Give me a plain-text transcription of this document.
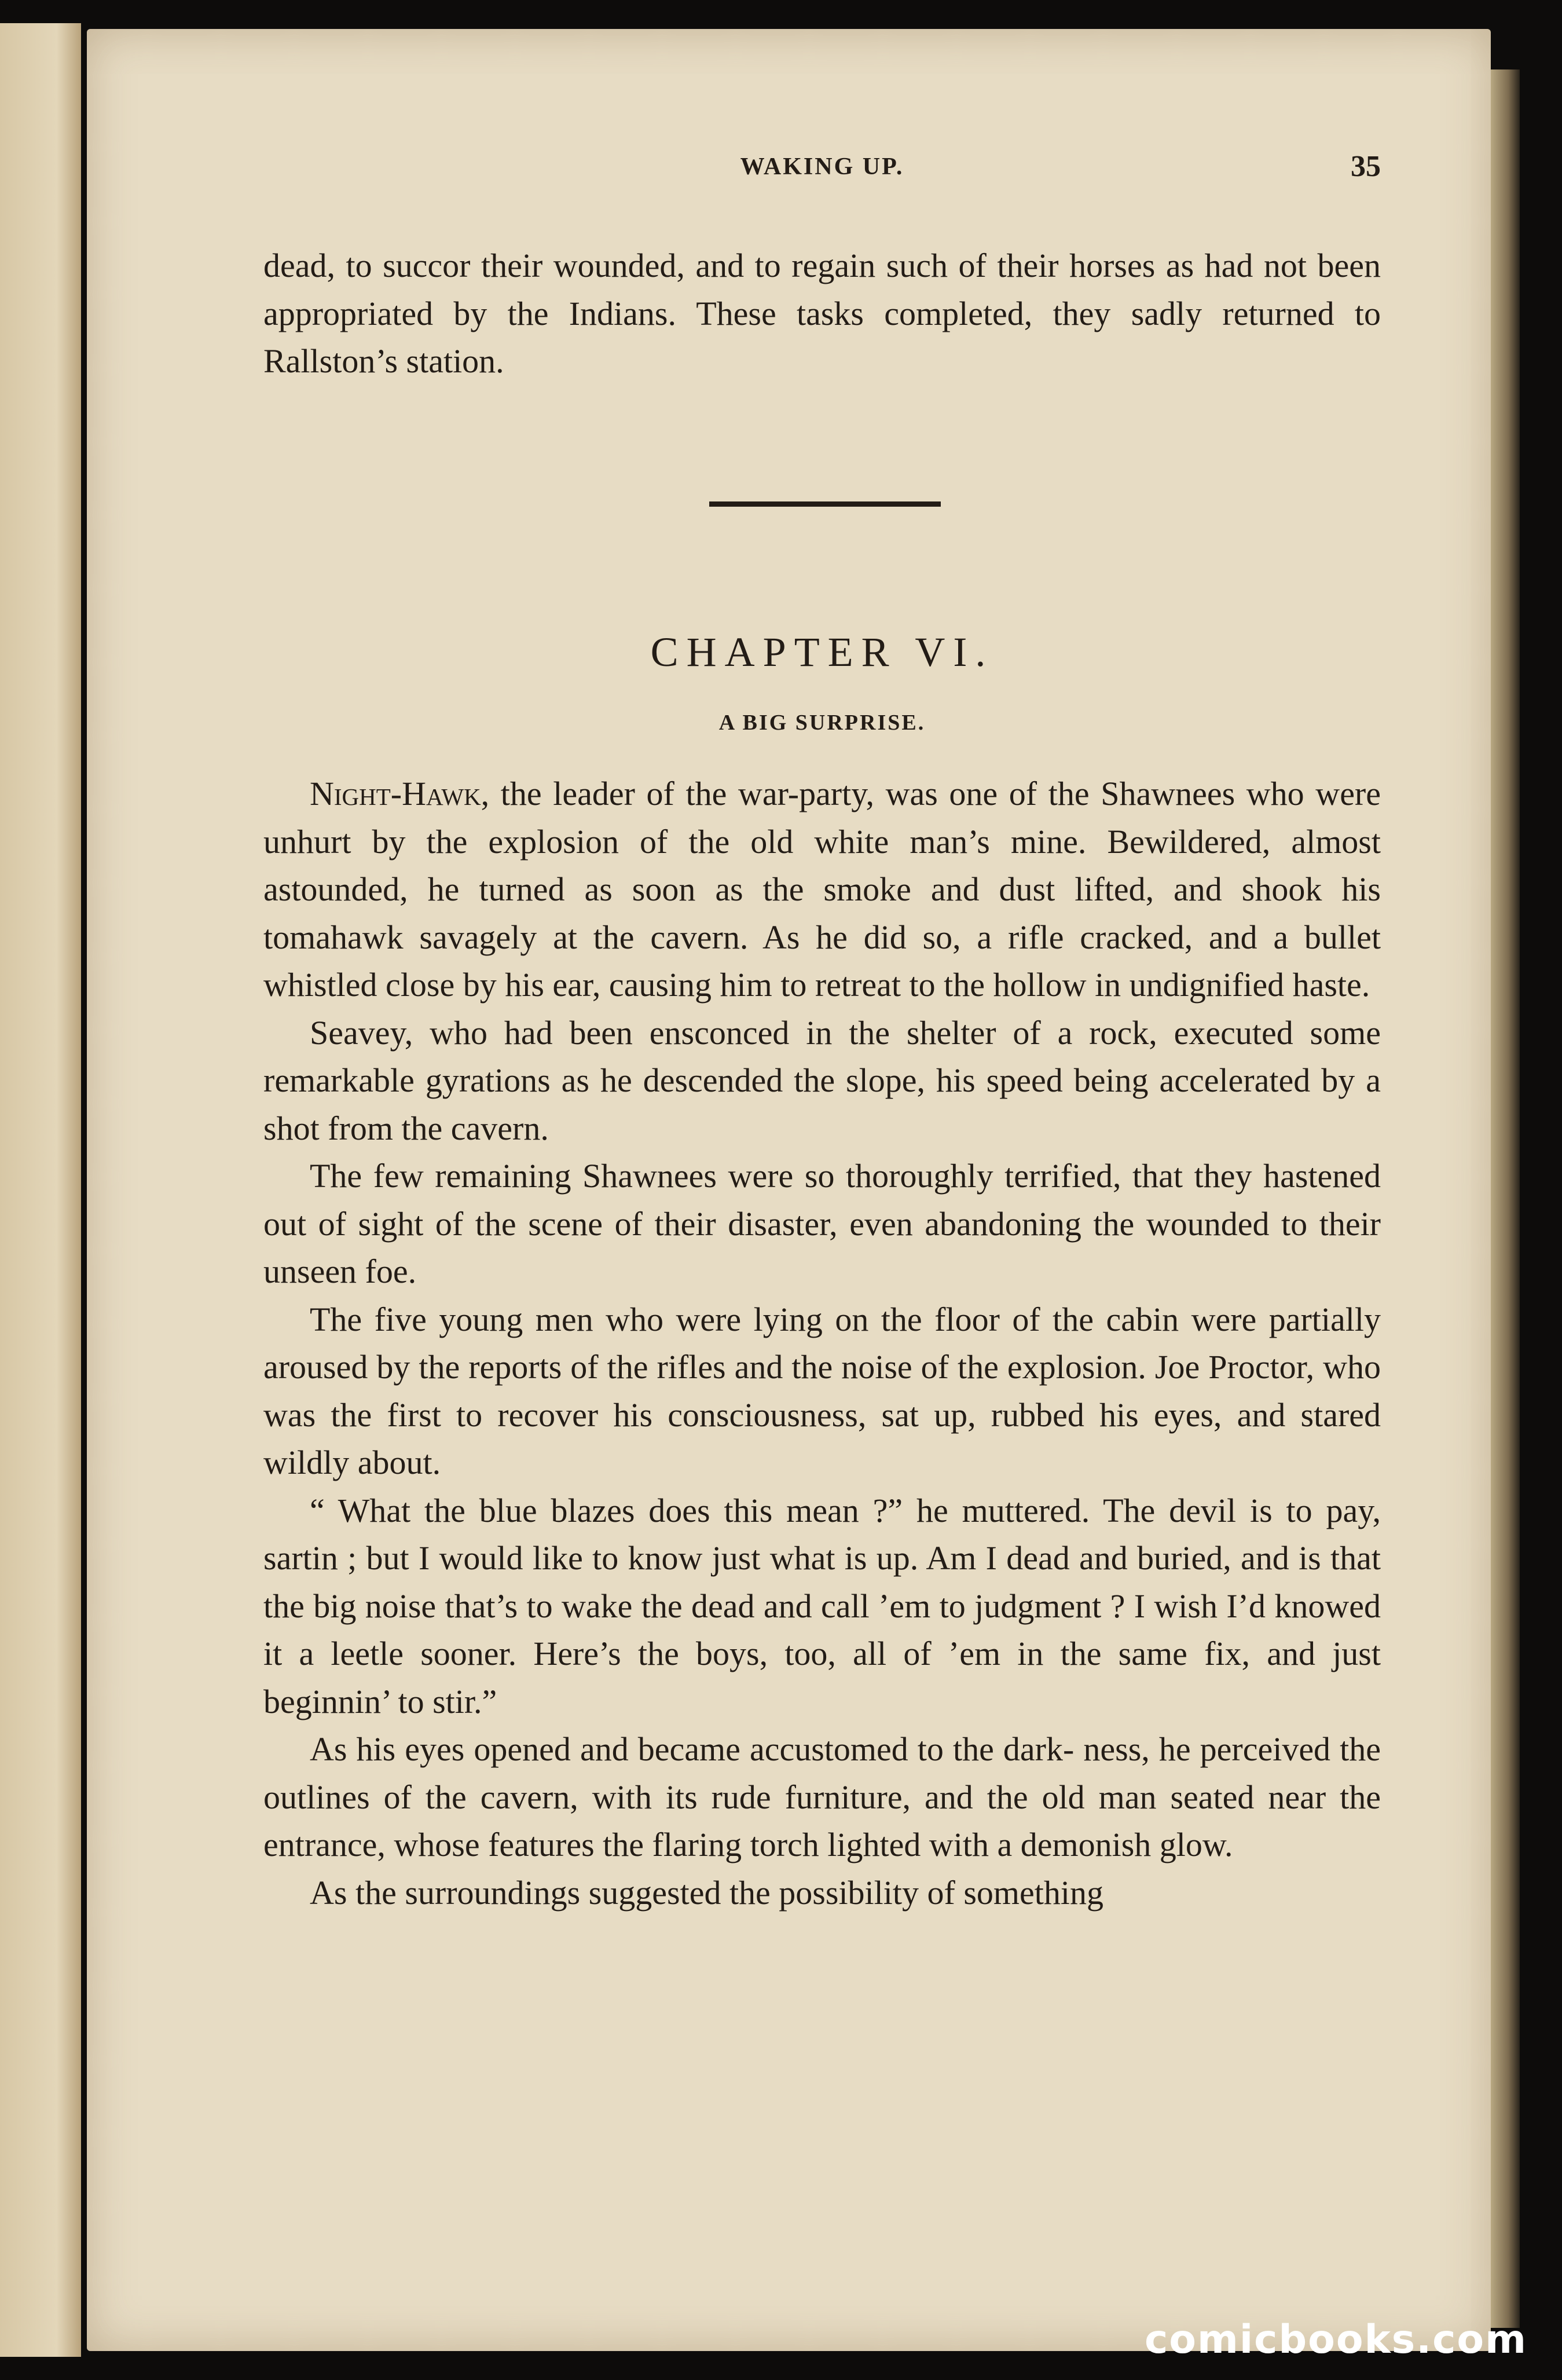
WAKING UP.	35

dead, to succor their wounded, and to regain such of their horses as had not been appropriated by the Indians. These tasks completed, they sadly returned to Rallston’s station.

CHAPTER VI.
A BIG SURPRISE.

Night-Hawk, the leader of the war-party, was one of the Shawnees who were unhurt by the explosion of the old white man’s mine. Bewildered, almost astounded, he turned as soon as the smoke and dust lifted, and shook his tomahawk savagely at the cavern. As he did so, a rifle cracked, and a bullet whistled close by his ear, causing him to retreat to the hollow in undignified haste.

Seavey, who had been ensconced in the shelter of a rock, executed some remarkable gyrations as he descended the slope, his speed being accelerated by a shot from the cavern.

The few remaining Shawnees were so thoroughly terrified, that they hastened out of sight of the scene of their disaster, even abandoning the wounded to their unseen foe.

The five young men who were lying on the floor of the cabin were partially aroused by the reports of the rifles and the noise of the explosion. Joe Proctor, who was the first to recover his consciousness, sat up, rubbed his eyes, and stared wildly about.

“ What the blue blazes does this mean ?” he muttered. The devil is to pay, sartin ; but I would like to know just what is up. Am I dead and buried, and is that the big noise that’s to wake the dead and call ’em to judgment ? I wish I’d knowed it a leetle sooner. Here’s the boys, too, all of ’em in the same fix, and just beginnin’ to stir.”

As his eyes opened and became accustomed to the dark- ness, he perceived the outlines of the cavern, with its rude furniture, and the old man seated near the entrance, whose features the flaring torch lighted with a demonish glow.

As the surroundings suggested the possibility of something

comicbooks.com
